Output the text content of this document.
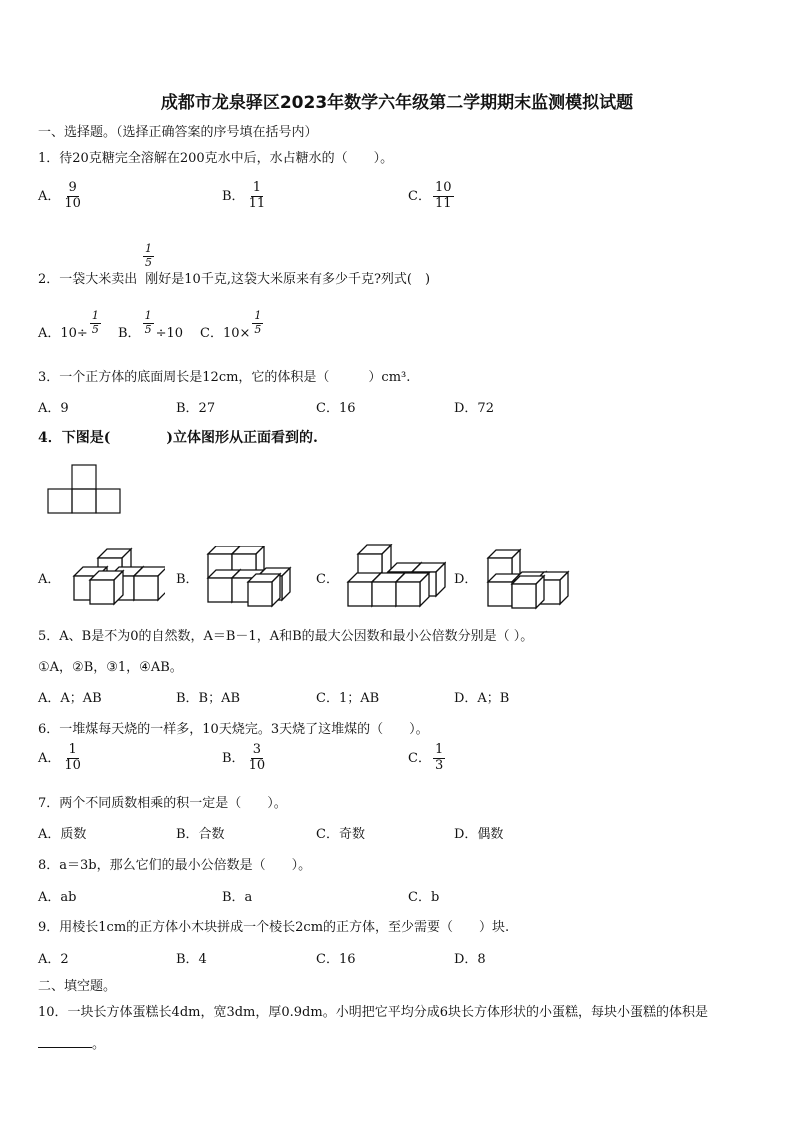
成都市龙泉驿区2023年数学六年级第二学期期末监测模拟试题
一、选择题。（选择正确答案的序号填在括号内）
1．待20克糖完全溶解在200克水中后，水占糖水的（　　）。
A． $\frac{9}{10}$	B． $\frac{1}{11}$	C． $\frac{10}{11}$
2．一袋大米卖出 刚好是10千克,这袋大米原来有多少千克?列式(　)
$\frac{1}{5}$
A．$10\div \frac{1}{5}$ B． $\frac{1}{5} \div 10$ C．$10\times \frac{1}{5}$
3．一个正方体的底面周长是12cm，它的体积是（　　　）cm³.
A．9	B．27	C．16	D．72
4．下图是(　　　　)立体图形从正面看到的.
A．	B．	C．	D．
5．A、B是不为0的自然数，A＝B－1，A和B的最大公因数和最小公倍数分别是（ ）。
①A，②B，③1，④AB。
A．A；AB	B．B；AB	C．1；AB	D．A；B
6．一堆煤每天烧的一样多，10天烧完。3天烧了这堆煤的（　　）。
A． $\frac{1}{10}$	B． $\frac{3}{10}$	C． $\frac{1}{3}$
7．两个不同质数相乘的积一定是（　　）。
A．质数	B．合数	C．奇数	D．偶数
8．a＝3b，那么它们的最小公倍数是（　　）。
A．ab	B．a	C．b
9．用棱长1cm的正方体小木块拼成一个棱长2cm的正方体，至少需要（　　）块.
A．2	B．4	C．16	D．8
二、填空题。
10．一块长方体蛋糕长4dm，宽3dm，厚0.9dm。小明把它平均分成6块长方体形状的小蛋糕，每块小蛋糕的体积是
。
